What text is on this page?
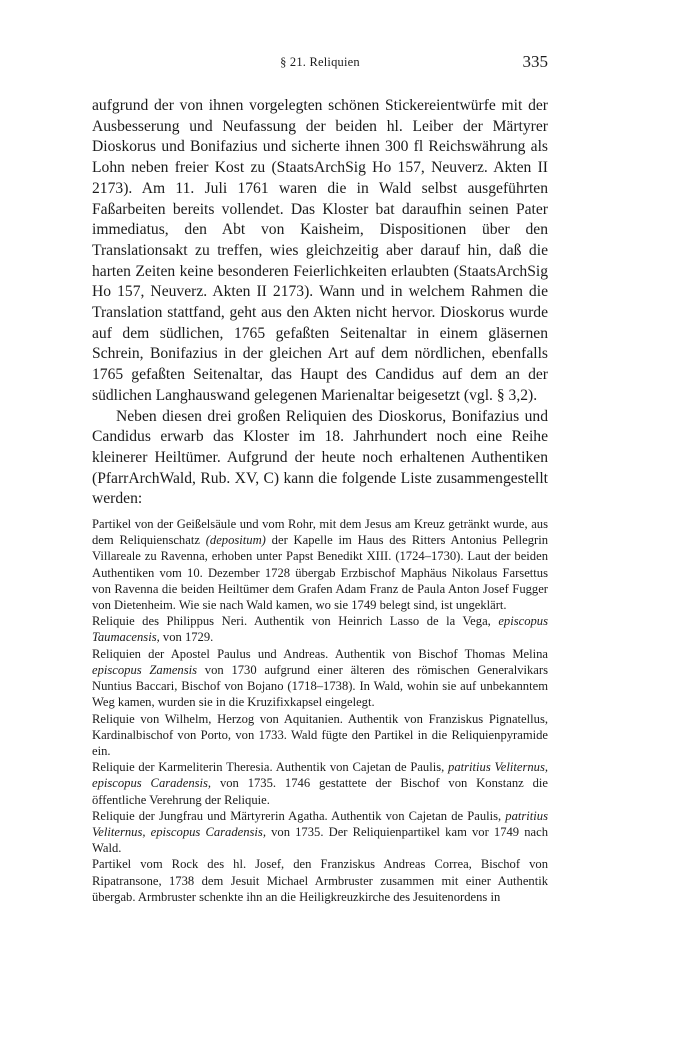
§ 21. Reliquien	335

aufgrund der von ihnen vorgelegten schönen Stickereientwürfe mit der Ausbesserung und Neufassung der beiden hl. Leiber der Märtyrer Dioskorus und Bonifazius und sicherte ihnen 300 fl Reichswährung als Lohn neben freier Kost zu (StaatsArchSig Ho 157, Neuverz. Akten II 2173). Am 11. Juli 1761 waren die in Wald selbst ausgeführten Faßarbeiten bereits vollendet. Das Kloster bat daraufhin seinen Pater immediatus, den Abt von Kaisheim, Dispositionen über den Translationsakt zu treffen, wies gleichzeitig aber darauf hin, daß die harten Zeiten keine besonderen Feierlichkeiten erlaubten (StaatsArchSig Ho 157, Neuverz. Akten II 2173). Wann und in welchem Rahmen die Translation stattfand, geht aus den Akten nicht hervor. Dioskorus wurde auf dem südlichen, 1765 gefaßten Seitenaltar in einem gläsernen Schrein, Bonifazius in der gleichen Art auf dem nördlichen, ebenfalls 1765 gefaßten Seitenaltar, das Haupt des Candidus auf dem an der südlichen Langhauswand gelegenen Marienaltar beigesetzt (vgl. § 3,2).

Neben diesen drei großen Reliquien des Dioskorus, Bonifazius und Candidus erwarb das Kloster im 18. Jahrhundert noch eine Reihe kleinerer Heiltümer. Aufgrund der heute noch erhaltenen Authentiken (PfarrArchWald, Rub. XV, C) kann die folgende Liste zusammengestellt werden:

Partikel von der Geißelsäule und vom Rohr, mit dem Jesus am Kreuz getränkt wurde, aus dem Reliquienschatz (depositum) der Kapelle im Haus des Ritters Antonius Pellegrin Villareale zu Ravenna, erhoben unter Papst Benedikt XIII. (1724–1730). Laut der beiden Authentiken vom 10. Dezember 1728 übergab Erzbischof Maphäus Nikolaus Farsettus von Ravenna die beiden Heiltümer dem Grafen Adam Franz de Paula Anton Josef Fugger von Dietenheim. Wie sie nach Wald kamen, wo sie 1749 belegt sind, ist ungeklärt.

Reliquie des Philippus Neri. Authentik von Heinrich Lasso de la Vega, episcopus Taumacensis, von 1729.

Reliquien der Apostel Paulus und Andreas. Authentik von Bischof Thomas Melina episcopus Zamensis von 1730 aufgrund einer älteren des römischen Generalvikars Nuntius Baccari, Bischof von Bojano (1718–1738). In Wald, wohin sie auf unbekanntem Weg kamen, wurden sie in die Kruzifixkapsel eingelegt.

Reliquie von Wilhelm, Herzog von Aquitanien. Authentik von Franziskus Pignatellus, Kardinalbischof von Porto, von 1733. Wald fügte den Partikel in die Reliquienpyramide ein.

Reliquie der Karmeliterin Theresia. Authentik von Cajetan de Paulis, patritius Veliternus, episcopus Caradensis, von 1735. 1746 gestattete der Bischof von Konstanz die öffentliche Verehrung der Reliquie.

Reliquie der Jungfrau und Märtyrerin Agatha. Authentik von Cajetan de Paulis, patritius Veliternus, episcopus Caradensis, von 1735. Der Reliquienpartikel kam vor 1749 nach Wald.

Partikel vom Rock des hl. Josef, den Franziskus Andreas Correa, Bischof von Ripatransone, 1738 dem Jesuit Michael Armbruster zusammen mit einer Authentik übergab. Armbruster schenkte ihn an die Heiligkreuzkirche des Jesuitenordens in
